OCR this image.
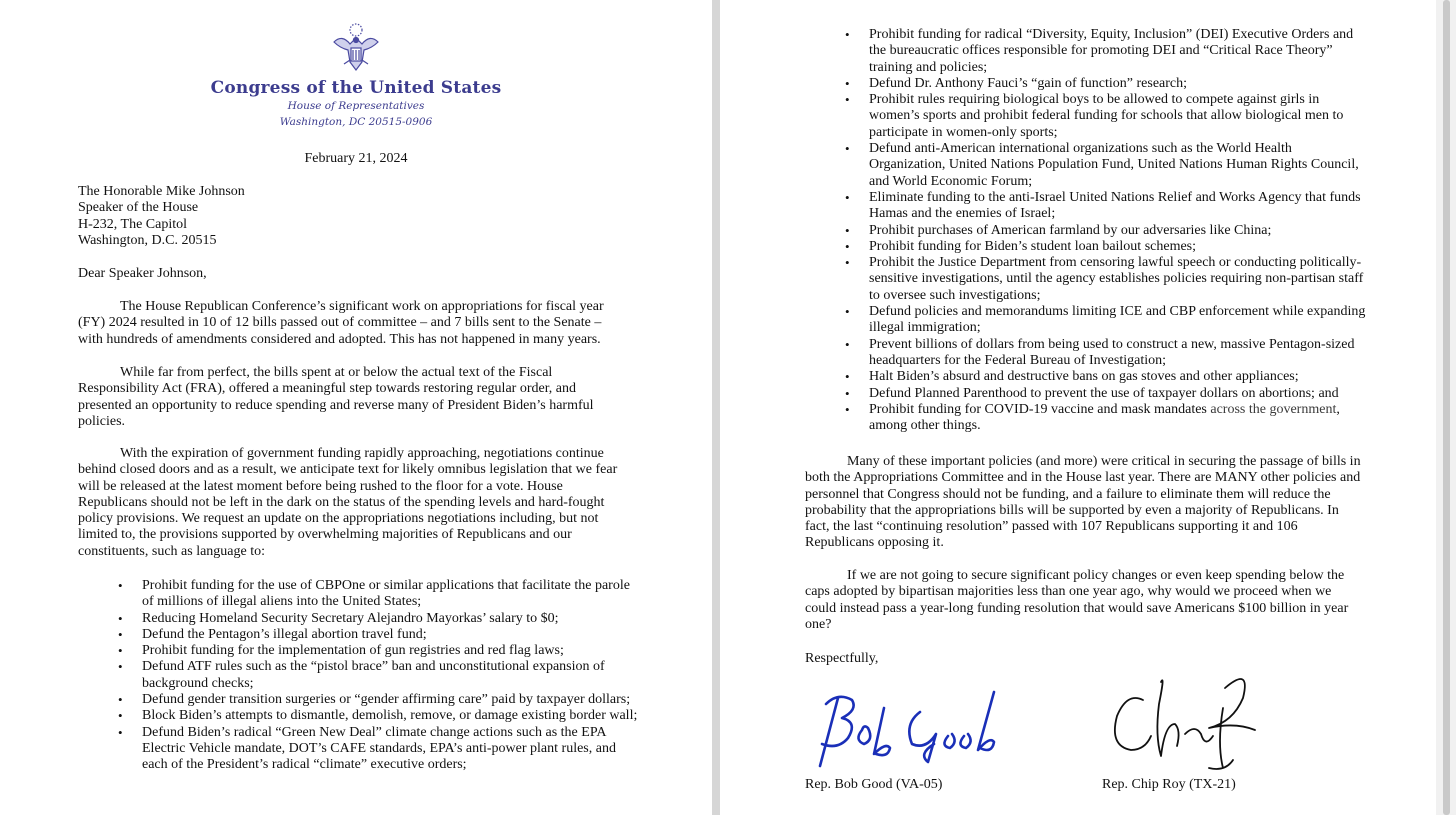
Congress of the United States
House of Representatives
Washington, DC 20515-0906
February 21, 2024
The Honorable Mike Johnson
Speaker of the House
H-232, The Capitol
Washington, D.C. 20515
Dear Speaker Johnson,

The House Republican Conference’s significant work on appropriations for fiscal year (FY) 2024 resulted in 10 of 12 bills passed out of committee – and 7 bills sent to the Senate – with hundreds of amendments considered and adopted. This has not happened in many years.

While far from perfect, the bills spent at or below the actual text of the Fiscal Responsibility Act (FRA), offered a meaningful step towards restoring regular order, and presented an opportunity to reduce spending and reverse many of President Biden’s harmful policies.

With the expiration of government funding rapidly approaching, negotiations continue behind closed doors and as a result, we anticipate text for likely omnibus legislation that we fear will be released at the latest moment before being rushed to the floor for a vote. House Republicans should not be left in the dark on the status of the spending levels and hard-fought policy provisions. We request an update on the appropriations negotiations including, but not limited to, the provisions supported by overwhelming majorities of Republicans and our constituents, such as language to:

• Prohibit funding for the use of CBPOne or similar applications that facilitate the parole of millions of illegal aliens into the United States;
• Reducing Homeland Security Secretary Alejandro Mayorkas’ salary to $0;
• Defund the Pentagon’s illegal abortion travel fund;
• Prohibit funding for the implementation of gun registries and red flag laws;
• Defund ATF rules such as the “pistol brace” ban and unconstitutional expansion of background checks;
• Defund gender transition surgeries or “gender affirming care” paid by taxpayer dollars;
• Block Biden’s attempts to dismantle, demolish, remove, or damage existing border wall;
• Defund Biden’s radical “Green New Deal” climate change actions such as the EPA Electric Vehicle mandate, DOT’s CAFE standards, EPA’s anti-power plant rules, and each of the President’s radical “climate” executive orders;
• Prohibit funding for radical “Diversity, Equity, Inclusion” (DEI) Executive Orders and the bureaucratic offices responsible for promoting DEI and “Critical Race Theory” training and policies;
• Defund Dr. Anthony Fauci’s “gain of function” research;
• Prohibit rules requiring biological boys to be allowed to compete against girls in women’s sports and prohibit federal funding for schools that allow biological men to participate in women-only sports;
• Defund anti-American international organizations such as the World Health Organization, United Nations Population Fund, United Nations Human Rights Council, and World Economic Forum;
• Eliminate funding to the anti-Israel United Nations Relief and Works Agency that funds Hamas and the enemies of Israel;
• Prohibit purchases of American farmland by our adversaries like China;
• Prohibit funding for Biden’s student loan bailout schemes;
• Prohibit the Justice Department from censoring lawful speech or conducting politically-sensitive investigations, until the agency establishes policies requiring non-partisan staff to oversee such investigations;
• Defund policies and memorandums limiting ICE and CBP enforcement while expanding illegal immigration;
• Prevent billions of dollars from being used to construct a new, massive Pentagon-sized headquarters for the Federal Bureau of Investigation;
• Halt Biden’s absurd and destructive bans on gas stoves and other appliances;
• Defund Planned Parenthood to prevent the use of taxpayer dollars on abortions; and
• Prohibit funding for COVID-19 vaccine and mask mandates across the government, among other things.

Many of these important policies (and more) were critical in securing the passage of bills in both the Appropriations Committee and in the House last year. There are MANY other policies and personnel that Congress should not be funding, and a failure to eliminate them will reduce the probability that the appropriations bills will be supported by even a majority of Republicans. In fact, the last “continuing resolution” passed with 107 Republicans supporting it and 106 Republicans opposing it.

If we are not going to secure significant policy changes or even keep spending below the caps adopted by bipartisan majorities less than one year ago, why would we proceed when we could instead pass a year-long funding resolution that would save Americans $100 billion in year one?

Respectfully,
Rep. Bob Good (VA-05)	Rep. Chip Roy (TX-21)
